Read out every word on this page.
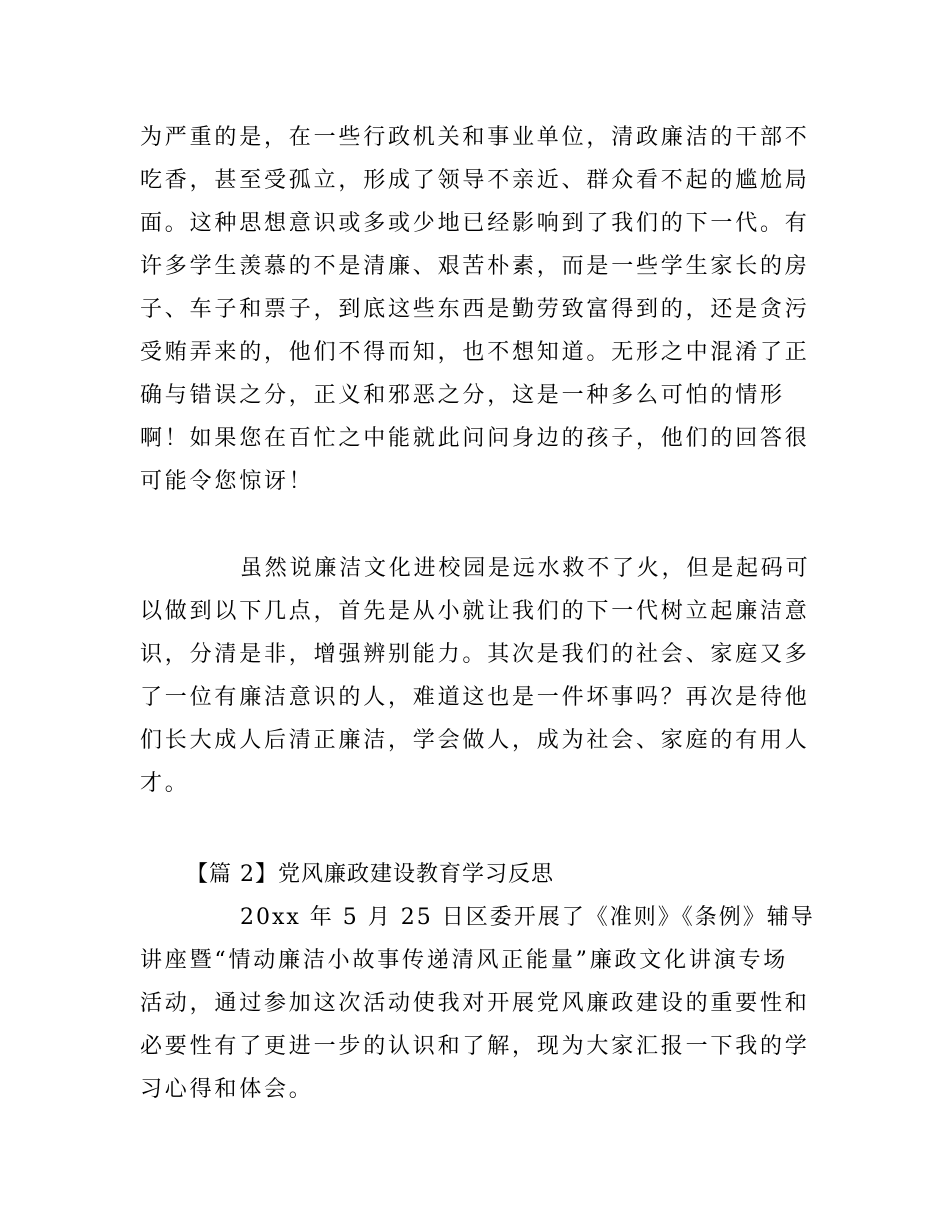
为严重的是，在一些行政机关和事业单位，清政廉洁的干部不
吃香，甚至受孤立，形成了领导不亲近、群众看不起的尴尬局
面。这种思想意识或多或少地已经影响到了我们的下一代。有
许多学生羡慕的不是清廉、艰苦朴素，而是一些学生家长的房
子、车子和票子，到底这些东西是勤劳致富得到的，还是贪污
受贿弄来的，他们不得而知，也不想知道。无形之中混淆了正
确与错误之分，正义和邪恶之分，这是一种多么可怕的情形
啊！如果您在百忙之中能就此问问身边的孩子，他们的回答很
可能令您惊讶！
虽然说廉洁文化进校园是远水救不了火，但是起码可
以做到以下几点，首先是从小就让我们的下一代树立起廉洁意
识，分清是非，增强辨别能力。其次是我们的社会、家庭又多
了一位有廉洁意识的人，难道这也是一件坏事吗？再次是待他
们长大成人后清正廉洁，学会做人，成为社会、家庭的有用人
才。
【篇 2】党风廉政建设教育学习反思
20xx 年 5 月 25 日区委开展了《准则》《条例》辅导
讲座暨“情动廉洁小故事传递清风正能量”廉政文化讲演专场
活动，通过参加这次活动使我对开展党风廉政建设的重要性和
必要性有了更进一步的认识和了解，现为大家汇报一下我的学
习心得和体会。
